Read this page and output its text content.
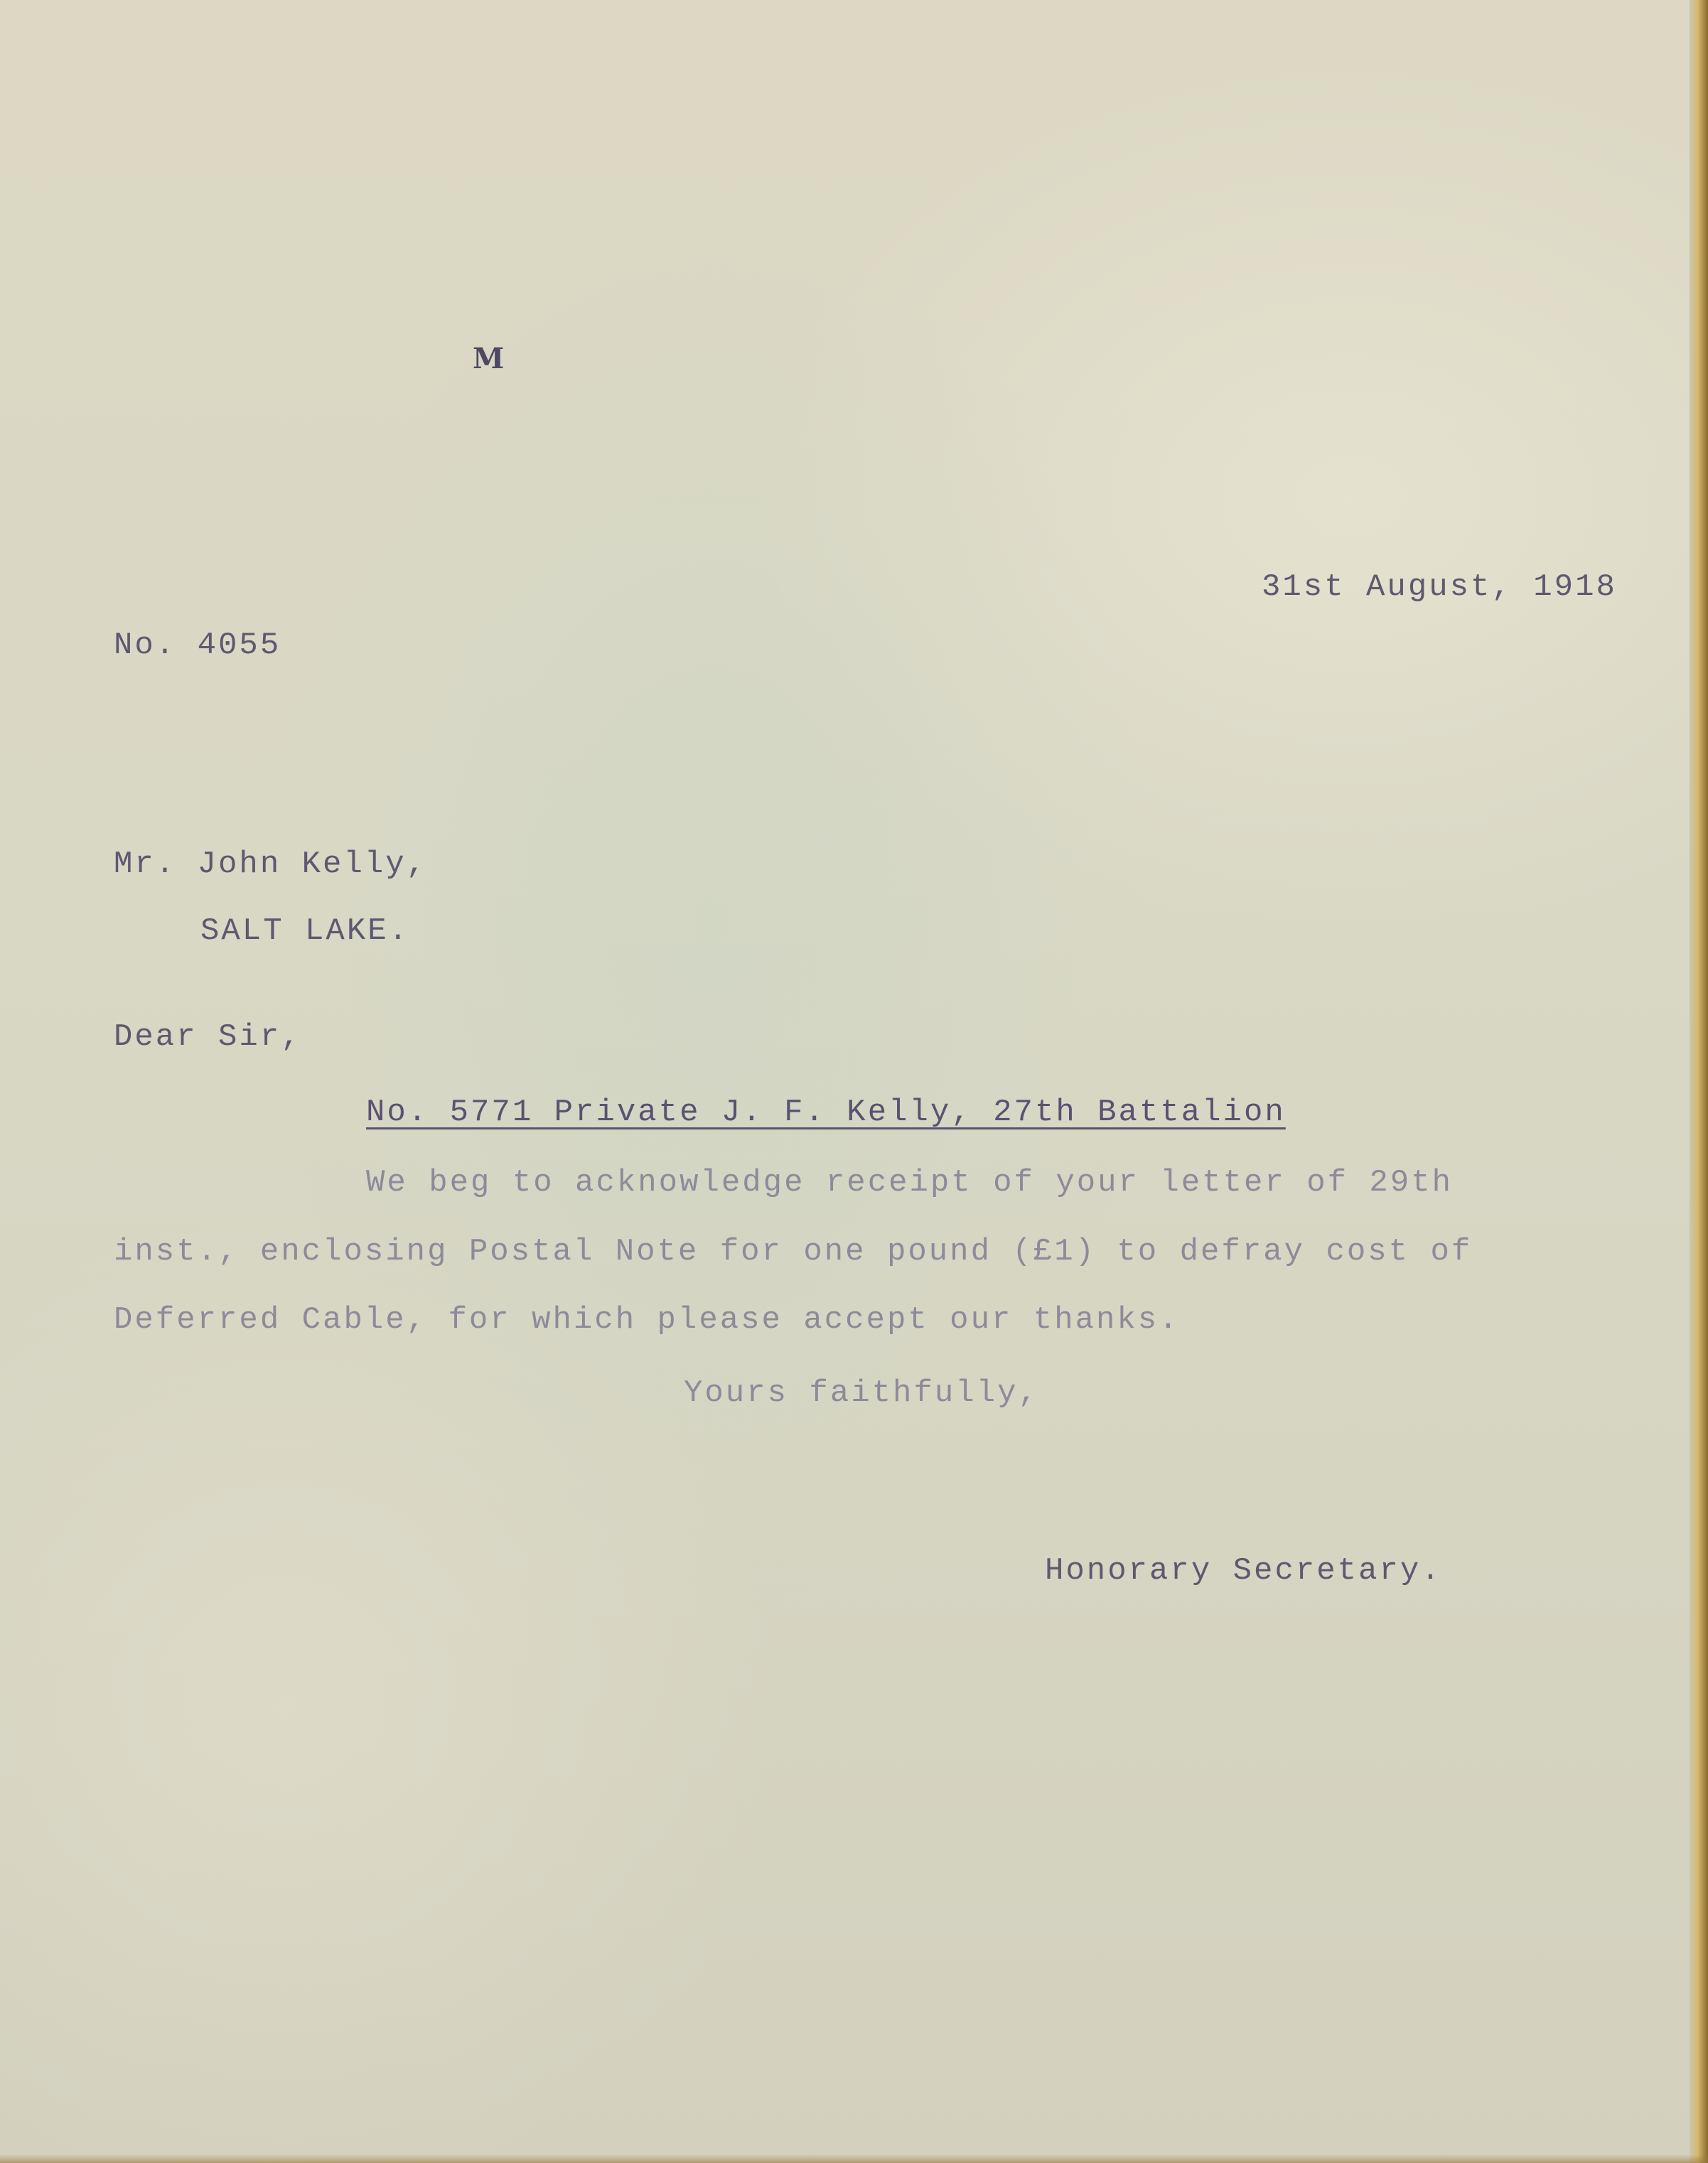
M

31st August, 1918

No. 4055

Mr. John Kelly,

SALT LAKE.

Dear Sir,

No. 5771 Private J. F. Kelly, 27th Battalion

We beg to acknowledge receipt of your letter of 29th

inst., enclosing Postal Note for one pound (£1) to defray cost of

Deferred Cable, for which please accept our thanks.

Yours faithfully,

Honorary Secretary.
